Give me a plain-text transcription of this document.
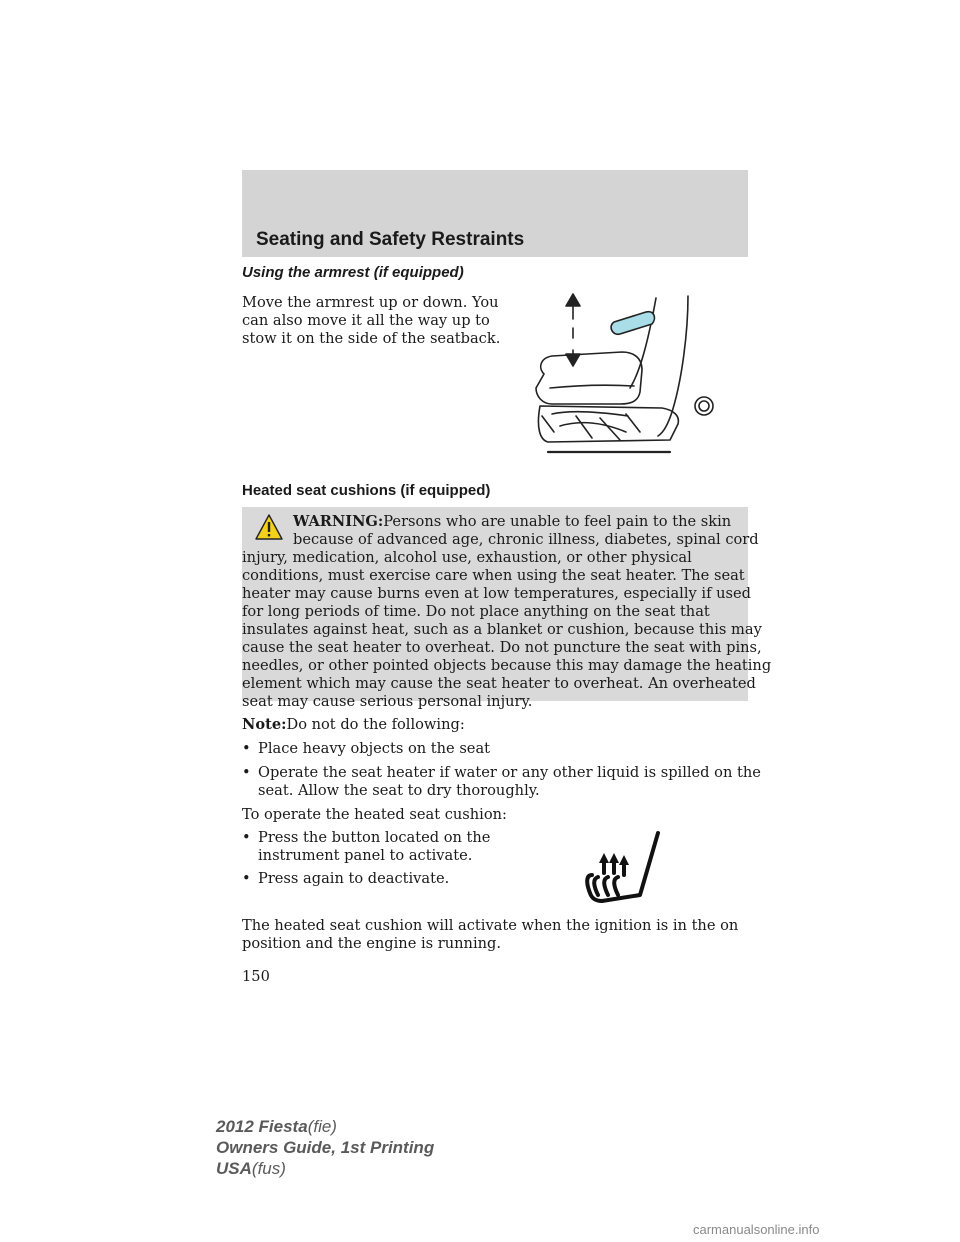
Seating and Safety Restraints
Using the armrest (if equipped)

Move the armrest up or down. You

can also move it all the way up to

stow it on the side of the seatback.

Heated seat cushions (if equipped)

WARNING:Persons who are unable to feel pain to the skin

because of advanced age, chronic illness, diabetes, spinal cord

injury, medication, alcohol use, exhaustion, or other physical

conditions, must exercise care when using the seat heater. The seat

heater may cause burns even at low temperatures, especially if used

for long periods of time. Do not place anything on the seat that

insulates against heat, such as a blanket or cushion, because this may

cause the seat heater to overheat. Do not puncture the seat with pins,

needles, or other pointed objects because this may damage the heating

element which may cause the seat heater to overheat. An overheated

seat may cause serious personal injury.

Note:Do not do the following:

• Place heavy objects on the seat

• Operate the seat heater if water or any other liquid is spilled on the

seat. Allow the seat to dry thoroughly.

To operate the heated seat cushion:

• Press the button located on the

instrument panel to activate.

• Press again to deactivate.

The heated seat cushion will activate when the ignition is in the on

position and the engine is running.

150

2012 Fiesta(fie)
Owners Guide, 1st Printing
USA(fus)
carmanualsonline.info
